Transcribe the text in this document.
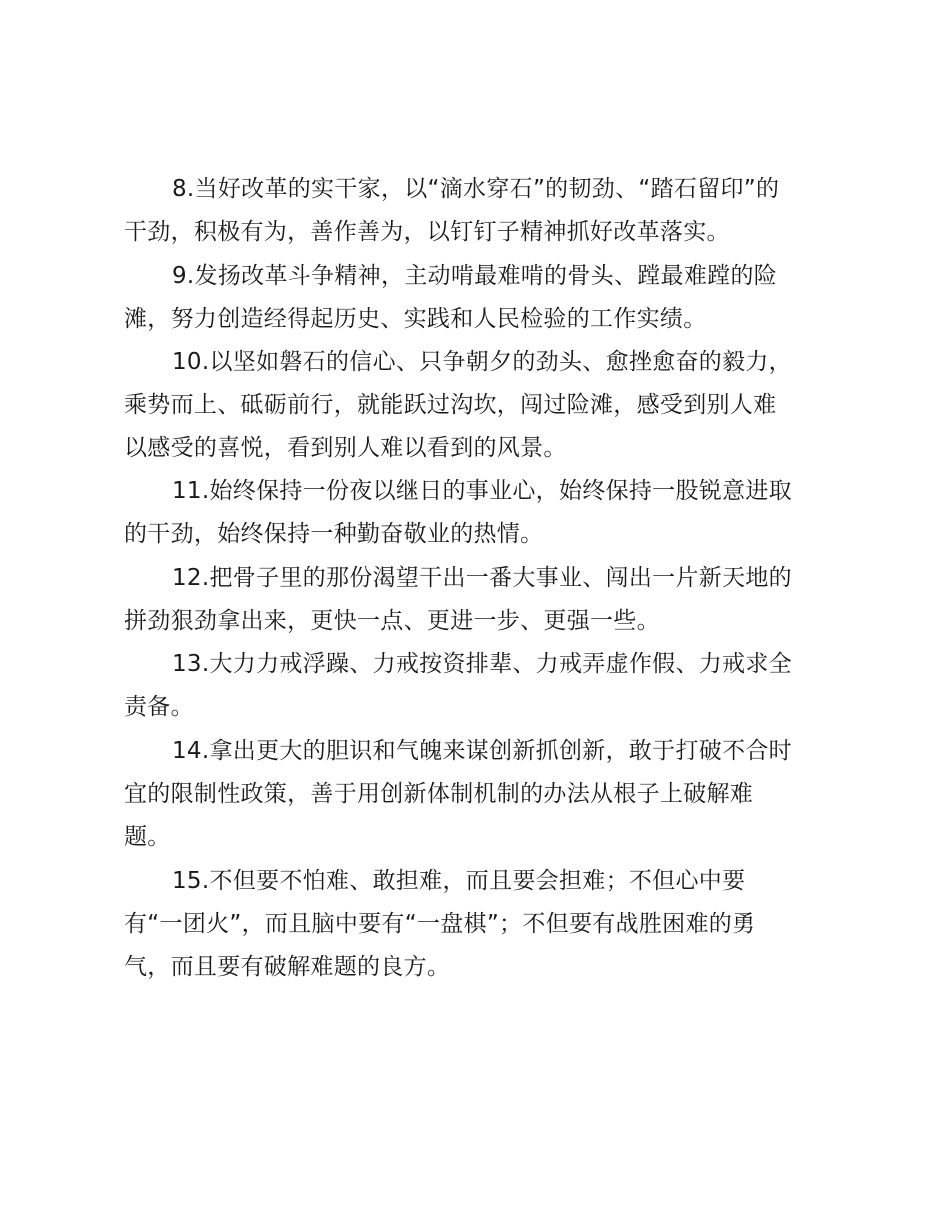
8.当好改革的实干家，以“滴水穿石”的韧劲、“踏石留印”的
干劲，积极有为，善作善为，以钉钉子精神抓好改革落实。
9.发扬改革斗争精神，主动啃最难啃的骨头、蹚最难蹚的险
滩，努力创造经得起历史、实践和人民检验的工作实绩。
10.以坚如磐石的信心、只争朝夕的劲头、愈挫愈奋的毅力，
乘势而上、砥砺前行，就能跃过沟坎，闯过险滩，感受到别人难
以感受的喜悦，看到别人难以看到的风景。
11.始终保持一份夜以继日的事业心，始终保持一股锐意进取
的干劲，始终保持一种勤奋敬业的热情。
12.把骨子里的那份渴望干出一番大事业、闯出一片新天地的
拼劲狠劲拿出来，更快一点、更进一步、更强一些。
13.大力力戒浮躁、力戒按资排辈、力戒弄虚作假、力戒求全
责备。
14.拿出更大的胆识和气魄来谋创新抓创新，敢于打破不合时
宜的限制性政策，善于用创新体制机制的办法从根子上破解难
题。
15.不但要不怕难、敢担难，而且要会担难；不但心中要
有“一团火”，而且脑中要有“一盘棋”；不但要有战胜困难的勇
气，而且要有破解难题的良方。
